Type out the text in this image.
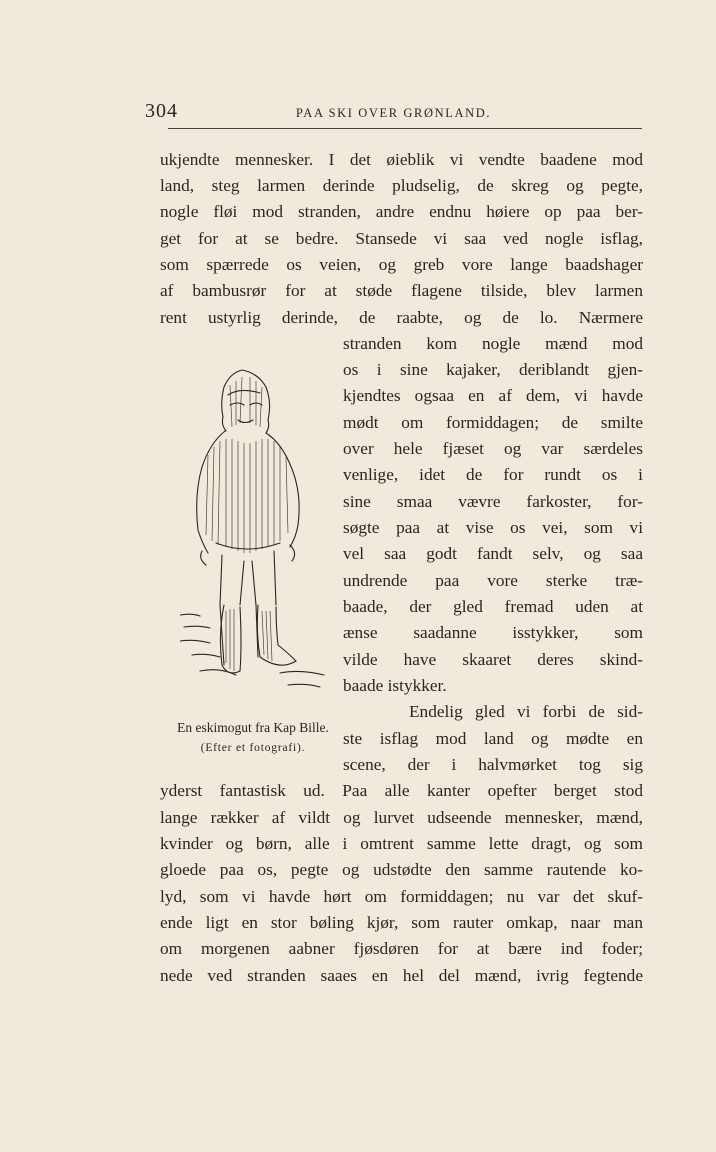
304	PAA SKI OVER GRØNLAND.
ukjendte mennesker. I det øieblik vi vendte baadene mod
land, steg larmen derinde pludselig, de skreg og pegte,
nogle fløi mod stranden, andre endnu høiere op paa ber-
get for at se bedre. Stansede vi saa ved nogle isflag,
som spærrede os veien, og greb vore lange baadshager
af bambusrør for at støde flagene tilside, blev larmen
rent ustyrlig derinde, de raabte, og de lo. Nærmere
stranden kom nogle mænd mod
os i sine kajaker, deriblandt gjen-
kjendtes ogsaa en af dem, vi havde
mødt om formiddagen; de smilte
over hele fjæset og var særdeles
venlige, idet de for rundt os i
sine smaa vævre farkoster, for-
søgte paa at vise os vei, som vi
vel saa godt fandt selv, og saa
undrende paa vore sterke træ-
baade, der gled fremad uden at
ænse saadanne isstykker, som
vilde have skaaret deres skind-
baade istykker.
Endelig gled vi forbi de sid-
ste isflag mod land og mødte en
scene, der i halvmørket tog sig
yderst fantastisk ud. Paa alle kanter opefter berget stod
lange rækker af vildt og lurvet udseende mennesker, mænd,
kvinder og børn, alle i omtrent samme lette dragt, og som
gloede paa os, pegte og udstødte den samme rautende ko-
lyd, som vi havde hørt om formiddagen; nu var det skuf-
ende ligt en stor bøling kjør, som rauter omkap, naar man
om morgenen aabner fjøsdøren for at bære ind foder;
nede ved stranden saaes en hel del mænd, ivrig fegtende
En eskimogut fra Kap Bille.
(Efter et fotografi).
